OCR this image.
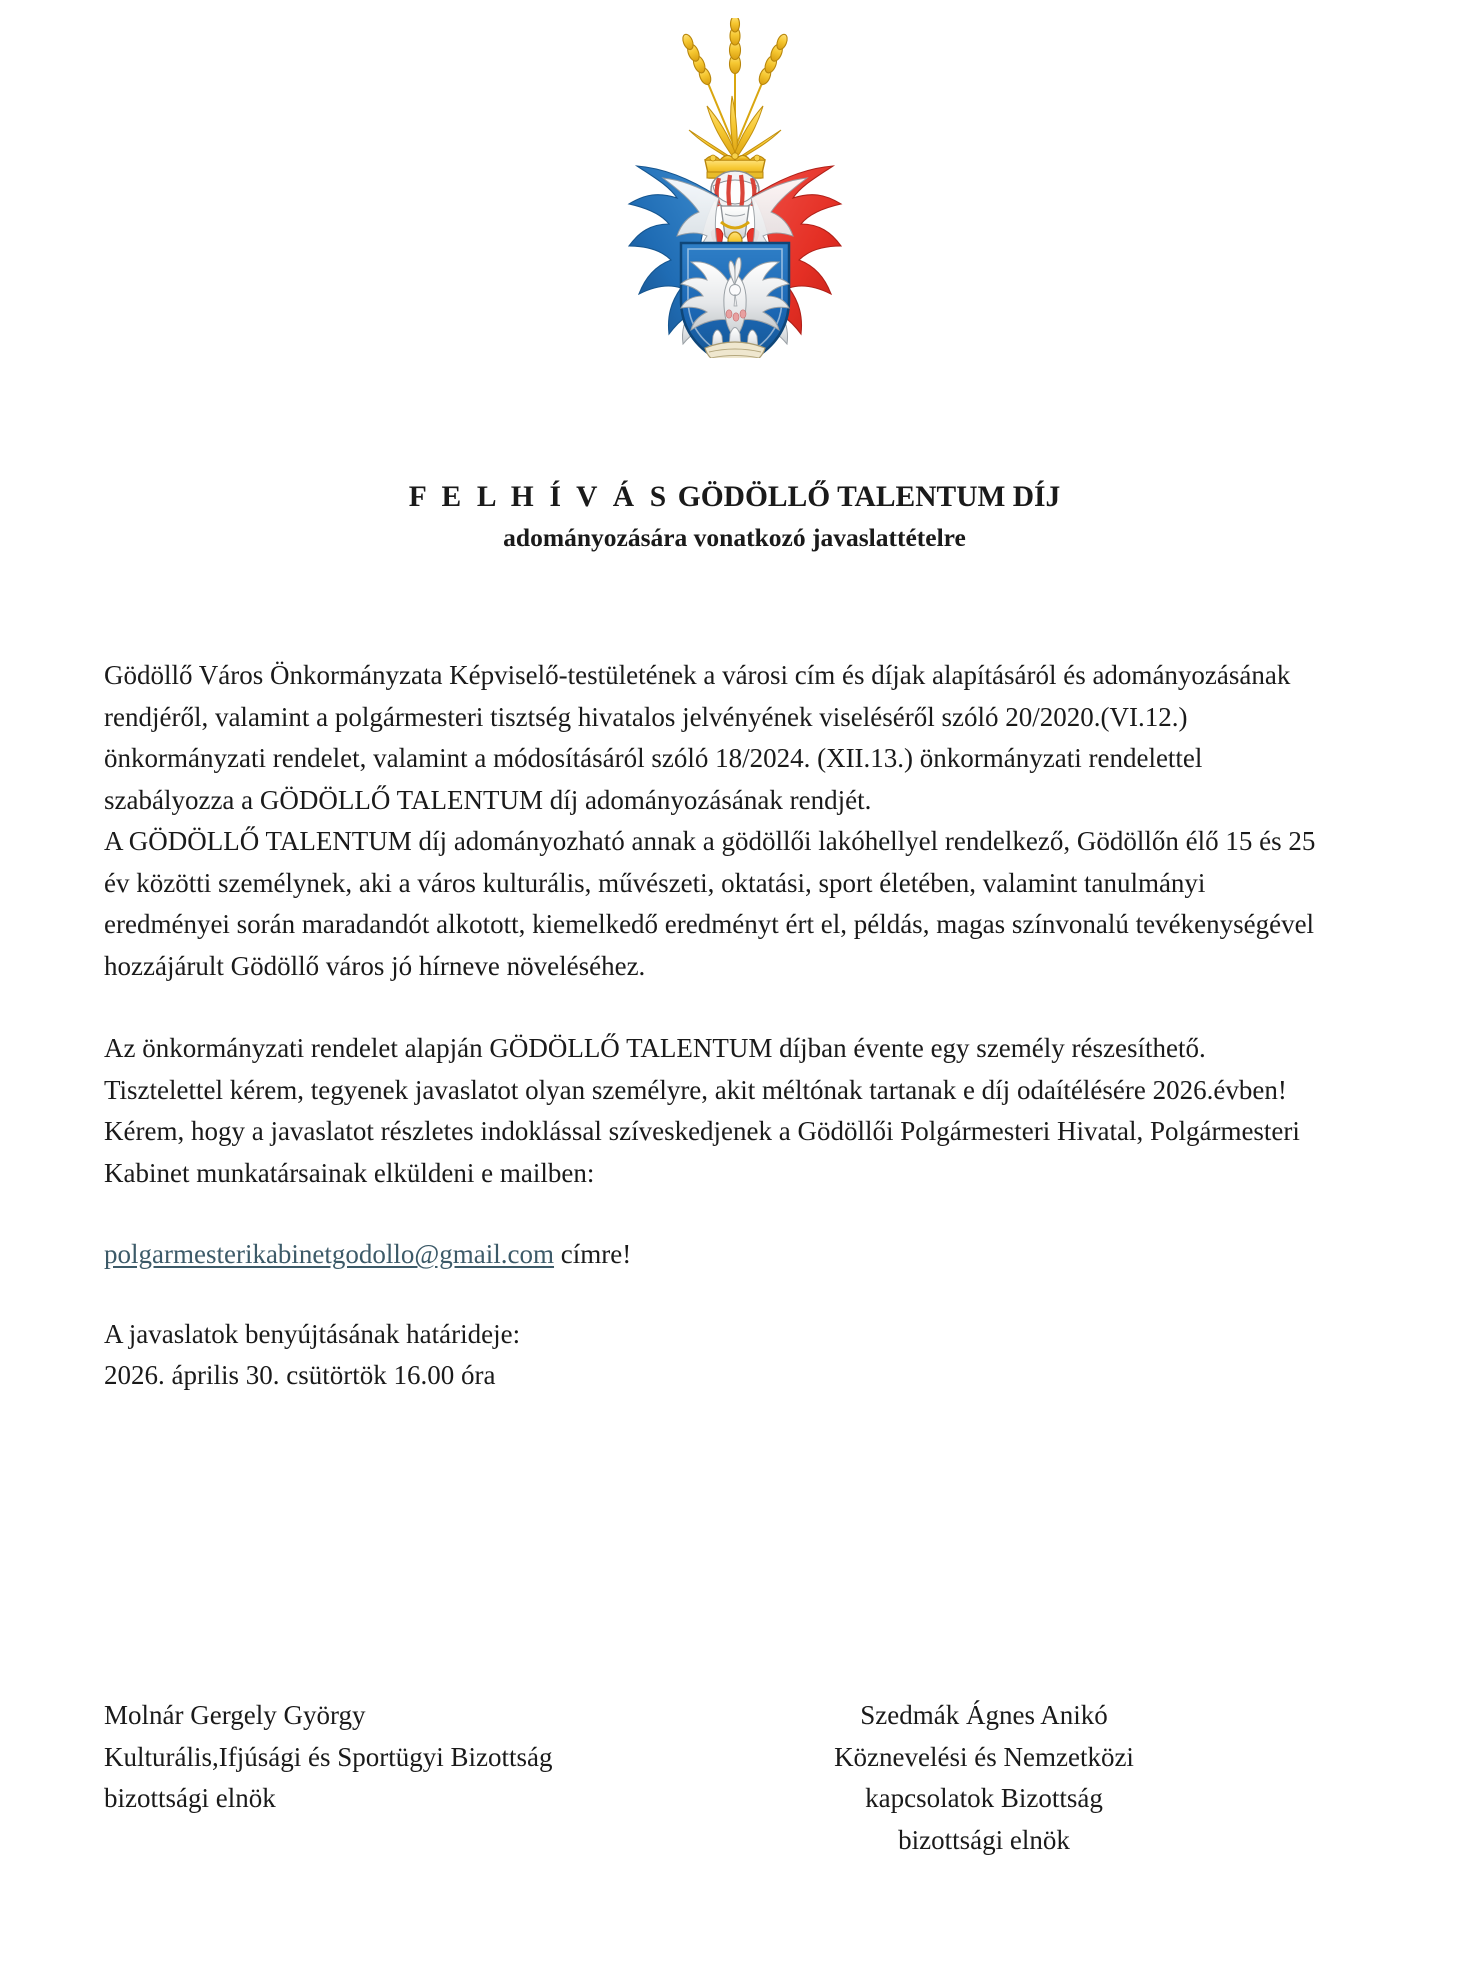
F E L H Í V Á S GÖDÖLLŐ TALENTUM DÍJ
adományozására vonatkozó javaslattételre

Gödöllő Város Önkormányzata Képviselő-testületének a városi cím és díjak alapításáról és adományozásának rendjéről, valamint a polgármesteri tisztség hivatalos jelvényének viseléséről szóló 20/2020.(VI.12.) önkormányzati rendelet, valamint a módosításáról szóló 18/2024. (XII.13.) önkormányzati rendelettel szabályozza a GÖDÖLLŐ TALENTUM díj adományozásának rendjét.

A GÖDÖLLŐ TALENTUM díj adományozható annak a gödöllői lakóhellyel rendelkező, Gödöllőn élő 15 és 25 év közötti személynek, aki a város kulturális, művészeti, oktatási, sport életében, valamint tanulmányi eredményei során maradandót alkotott, kiemelkedő eredményt ért el, példás, magas színvonalú tevékenységével hozzájárult Gödöllő város jó hírneve növeléséhez.

Az önkormányzati rendelet alapján GÖDÖLLŐ TALENTUM díjban évente egy személy részesíthető.

Tisztelettel kérem, tegyenek javaslatot olyan személyre, akit méltónak tartanak e díj odaítélésére 2026.évben!

Kérem, hogy a javaslatot részletes indoklással szíveskedjenek a Gödöllői Polgármesteri Hivatal, Polgármesteri Kabinet munkatársainak elküldeni e mailben:

polgarmesterikabinetgodollo@gmail.com címre!

A javaslatok benyújtásának határideje:

2026. április 30. csütörtök 16.00 óra

Molnár Gergely György
Kulturális,Ifjúsági és Sportügyi Bizottság
bizottsági elnök
Szedmák Ágnes Anikó
Köznevelési és Nemzetközi
kapcsolatok Bizottság
bizottsági elnök
